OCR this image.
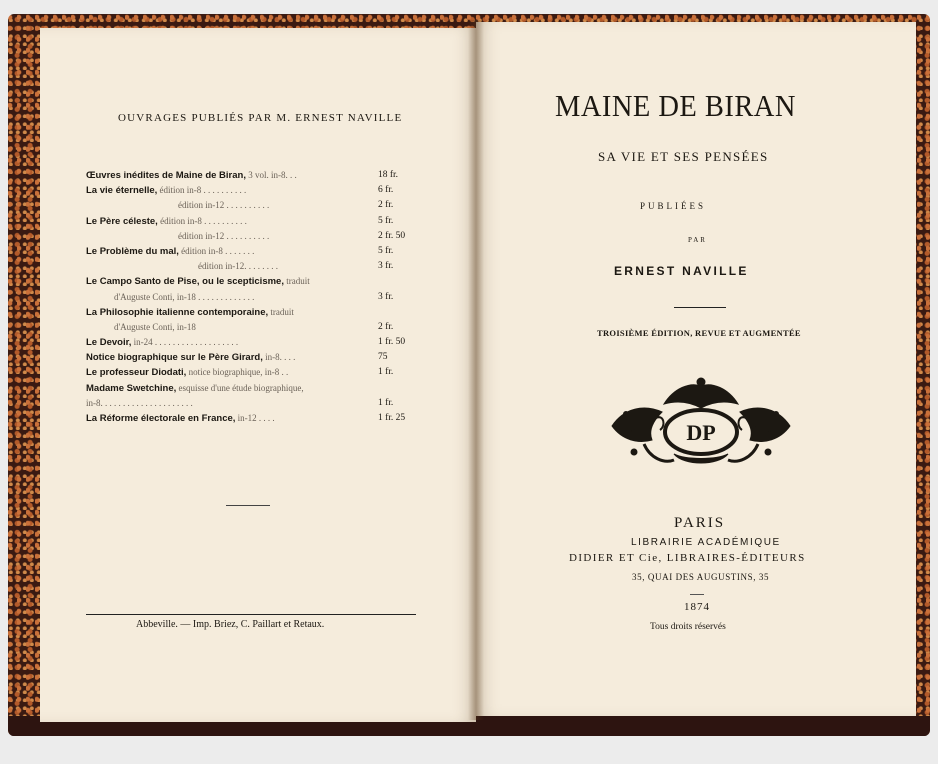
OUVRAGES PUBLIÉS PAR M. ERNEST NAVILLE
Œuvres inédites de Maine de Biran, 3 vol. in-8. . .	18 fr.
La vie éternelle, édition in-8 . . . . . . . . . .	6 fr.
édition in-12 . . . . . . . . . .	2 fr.
Le Père céleste, édition in-8 . . . . . . . . . .	5 fr.
édition in-12 . . . . . . . . . .	2 fr. 50
Le Problème du mal, édition in-8 . . . . . . .	5 fr.
édition in-12. . . . . . . .	3 fr.
Le Campo Santo de Pise, ou le scepticisme, traduit
d'Auguste Conti, in-18 . . . . . . . . . . . . .	3 fr.
La Philosophie italienne contemporaine, traduit
d'Auguste Conti, in-18	2 fr.
Le Devoir, in-24 . . . . . . . . . . . . . . . . . . .	1 fr. 50
Notice biographique sur le Père Girard, in-8. . . .	75
Le professeur Diodati, notice biographique, in-8 . .	1 fr.
Madame Swetchine, esquisse d'une étude biographique,
in-8. . . . . . . . . . . . . . . . . . . . .	1 fr.
La Réforme électorale en France, in-12 . . . .	1 fr. 25
Abbeville. — Imp. Briez, C. Paillart et Retaux.
MAINE DE BIRAN
SA VIE ET SES PENSÉES
PUBLIÉES
PAR
ERNEST NAVILLE
TROISIÈME ÉDITION, REVUE ET AUGMENTÉE
DP
PARIS
LIBRAIRIE ACADÉMIQUE
DIDIER ET Cie, LIBRAIRES-ÉDITEURS
35, QUAI DES AUGUSTINS, 35
1874
Tous droits réservés
